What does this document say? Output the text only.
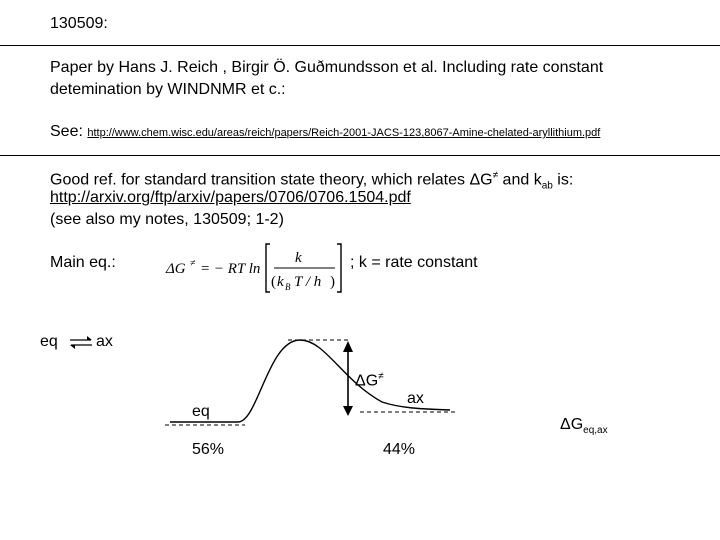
130509:
Paper by Hans J. Reich , Birgir Ö. Guðmundsson et al. Including rate constant
detemination by WINDNMR et c.:
See: http://www.chem.wisc.edu/areas/reich/papers/Reich-2001-JACS-123,8067-Amine-chelated-aryllithium.pdf
Good ref. for standard transition state theory, which relates ΔG≠ and $k_{ab}$ is:
http://arxiv.org/ftp/arxiv/papers/0706/0706.1504.pdf
(see also my notes, 130509; 1-2)
Main eq.:	ΔG ≠ = − RT ln
k
( k B T / h )
; k = rate constant
eq ⇌ ax
ΔG≠
ax
eq
$\Delta G_{eq,ax}$
56%	44%
